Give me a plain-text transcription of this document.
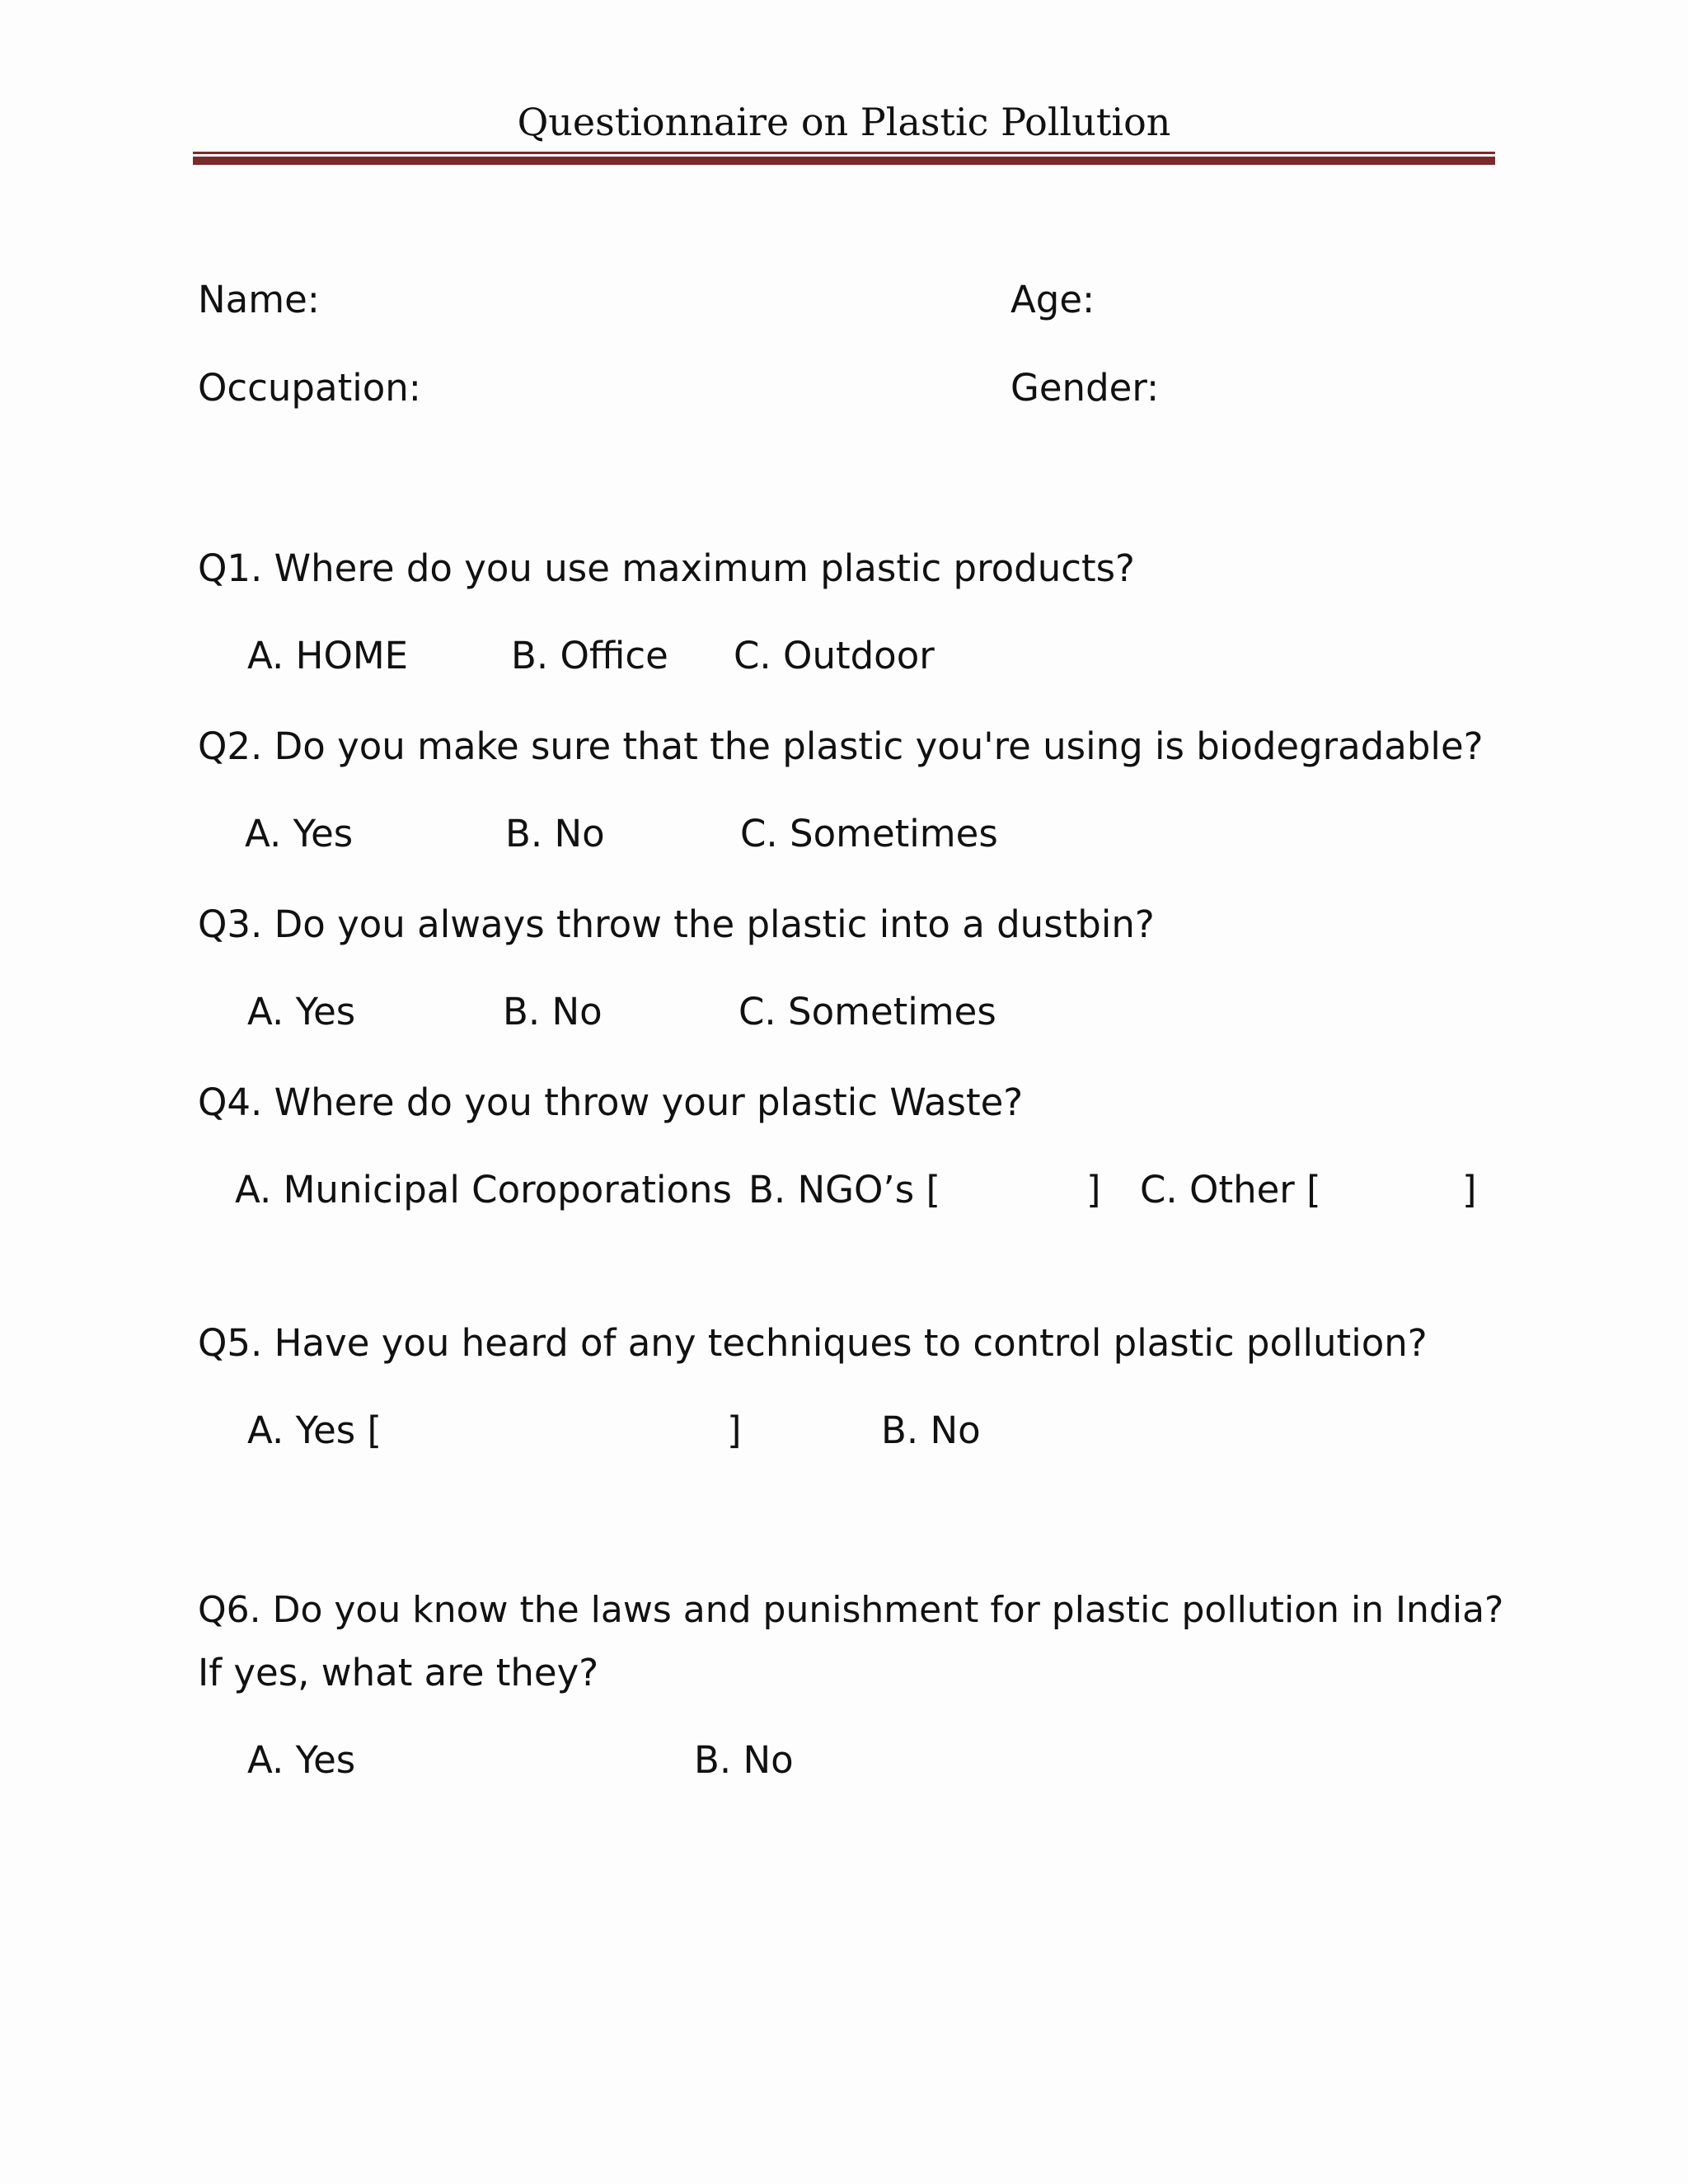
Questionnaire on Plastic Pollution
Name:	Age:
Occupation:	Gender:
Q1. Where do you use maximum plastic products?
A. HOME	B. Office C. Outdoor
Q2. Do you make sure that the plastic you're using is biodegradable?
A. Yes	B. No	C. Sometimes
Q3. Do you always throw the plastic into a dustbin?
A. Yes	B. No	C. Sometimes
Q4. Where do you throw your plastic Waste?
A. Municipal Coroporations B. NGO’s [	] C. Other [	]
Q5. Have you heard of any techniques to control plastic pollution?
A. Yes [	]	B. No
Q6. Do you know the laws and punishment for plastic pollution in India?
If yes, what are they?
A. Yes	B. No
